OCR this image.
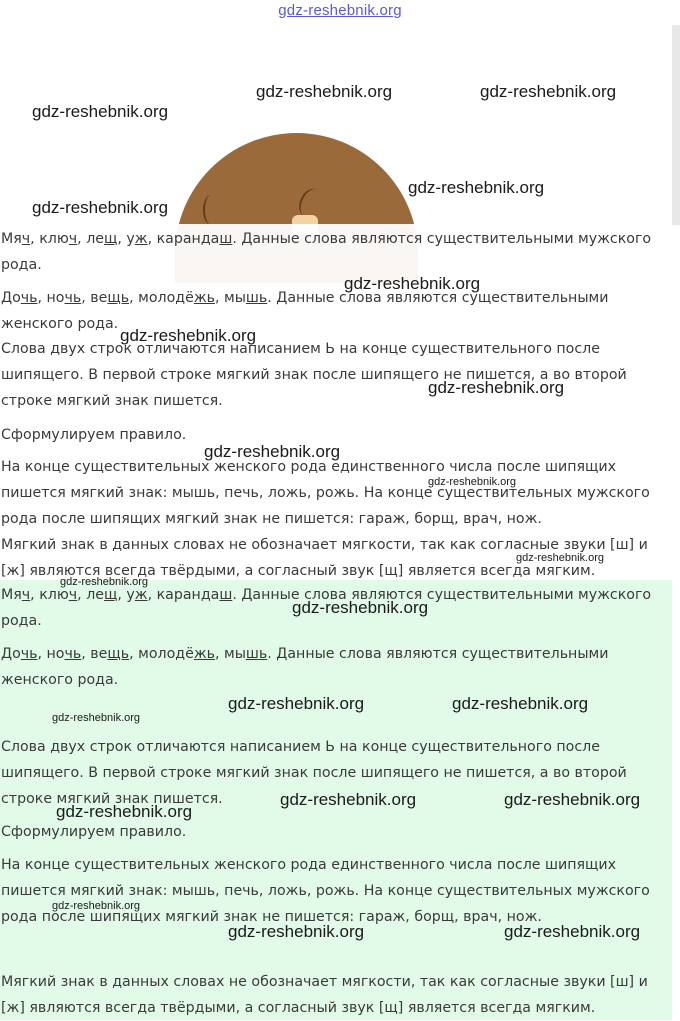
gdz-reshebnik.org

Мяч, ключ, лещ, уж, карандаш. Данные слова являются существительными мужского рода.

Дочь, ночь, вещь, молодёжь, мышь. Данные слова являются существительными женского рода.

Слова двух строк отличаются написанием Ь на конце существительного после шипящего. В первой строке мягкий знак после шипящего не пишется, а во второй строке мягкий знак пишется.

Сформулируем правило.

На конце существительных женского рода единственного числа после шипящих пишется мягкий знак: мышь, печь, ложь, рожь. На конце существительных мужского рода после шипящих мягкий знак не пишется: гараж, борщ, врач, нож.

Мягкий знак в данных словах не обозначает мягкости, так как согласные звуки [ш] и [ж] являются всегда твёрдыми, а согласный звук [щ] является всегда мягким.

Мяч, ключ, лещ, уж, карандаш. Данные слова являются существительными мужского рода.

Дочь, ночь, вещь, молодёжь, мышь. Данные слова являются существительными женского рода.

Слова двух строк отличаются написанием Ь на конце существительного после шипящего. В первой строке мягкий знак после шипящего не пишется, а во второй строке мягкий знак пишется.

Сформулируем правило.

На конце существительных женского рода единственного числа после шипящих пишется мягкий знак: мышь, печь, ложь, рожь. На конце существительных мужского рода после шипящих мягкий знак не пишется: гараж, борщ, врач, нож.

Мягкий знак в данных словах не обозначает мягкости, так как согласные звуки [ш] и [ж] являются всегда твёрдыми, а согласный звук [щ] является всегда мягким.

gdz-reshebnik.org	gdz-reshebnik.org
gdz-reshebnik.org
gdz-reshebnik.org
gdz-reshebnik.org
gdz-reshebnik.org
gdz-reshebnik.org
gdz-reshebnik.org
gdz-reshebnik.org
gdz-reshebnik.org
gdz-reshebnik.org
gdz-reshebnik.org
gdz-reshebnik.org
gdz-reshebnik.org	gdz-reshebnik.org
gdz-reshebnik.org
gdz-reshebnik.org	gdz-reshebnik.org
gdz-reshebnik.org
gdz-reshebnik.org
gdz-reshebnik.org	gdz-reshebnik.org
